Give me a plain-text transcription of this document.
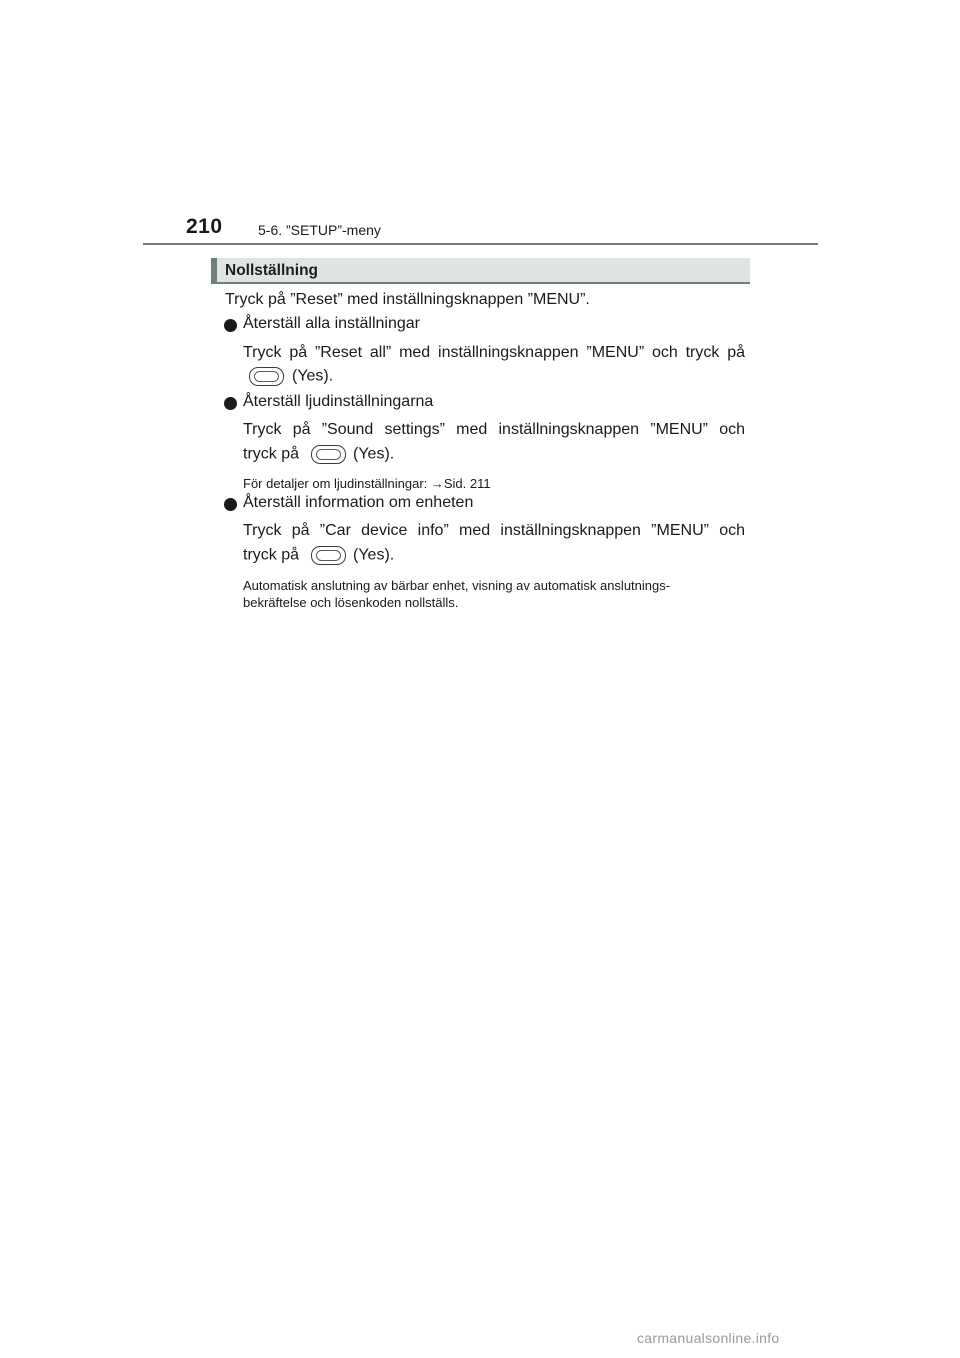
210	5-6. ”SETUP”-meny
Nollställning
Tryck på ”Reset” med inställningsknappen ”MENU”.
Återställ alla inställningar
Tryck på ”Reset all” med inställningsknappen ”MENU” och tryck på
(Yes).
Återställ ljudinställningarna
Tryck på ”Sound settings” med inställningsknappen ”MENU” och
tryck på	(Yes).
För detaljer om ljudinställningar: →Sid. 211
Återställ information om enheten
Tryck på ”Car device info” med inställningsknappen ”MENU” och
tryck på	(Yes).
Automatisk anslutning av bärbar enhet, visning av automatisk anslutnings-
bekräftelse och lösenkoden nollställs.
carmanualsonline.info
